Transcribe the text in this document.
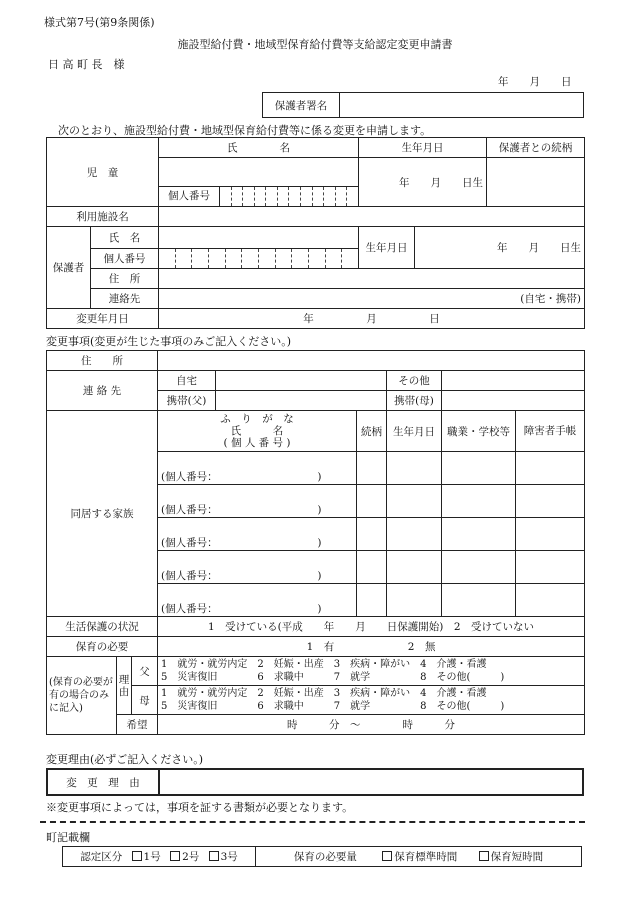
様式第7号(第9条関係)
施設型給付費・地域型保育給付費等支給認定変更申請書
日 高 町 長　様
年　　月　　日
保護者署名	
次のとおり、施設型給付費・地域型保育給付費等に係る変更を申請します。
児　童		氏　　　　名	生年月日		保護者との続柄
			年　　月　　日生		

		個人番号			

利用施設名					
保護者	氏　名		生年月日	年　　月　　日生	
	個人番号				

	住　所				
	連絡先	(自宅・携帯)			
変更年月日		年　　　　　月　　　　　日			
変更事項(変更が生じた事項のみご記入ください。)
住　　所								
連 絡 先			自宅			その他		
			携帯(父)			携帯(母)		
同居する家族			ふ　り　が　な
氏　　　名
( 個 人 番 号 )		続柄	生年月日	職業・学校等	障害者手帳
			(個人番号：　　　　　　　　　　)					
			(個人番号：　　　　　　　　　　)					
			(個人番号：　　　　　　　　　　)					
			(個人番号：　　　　　　　　　　)					
			(個人番号：　　　　　　　　　　)					
生活保護の状況			1　受けている(平成　　年　　月　　日保護開始)　2　受けていない					
保育の必要			1　有　　　　　　　2　無					
(保育の必要が有の場合のみに記入)	理由	父	1　就労・就労内定　2　妊娠・出産　3　疾病・障がい　4　介護・看護
5　災害復旧　　　　6　求職中　　　7　就学　　　　　8　その他(　　　)					

		母	1　就労・就労内定　2　妊娠・出産　3　疾病・障がい　4　介護・看護
5　災害復旧　　　　6　求職中　　　7　就学　　　　　8　その他(　　　)					

	希望		時　　　分　～　　　　時　　　分					
変更理由(必ずご記入ください。)
変　更　理　由	
※変更事項によっては，事項を証する書類が必要となります。
町記載欄
認定区分 1号 2号 3号	保育の必要量	保育標準時間	保育短時間
